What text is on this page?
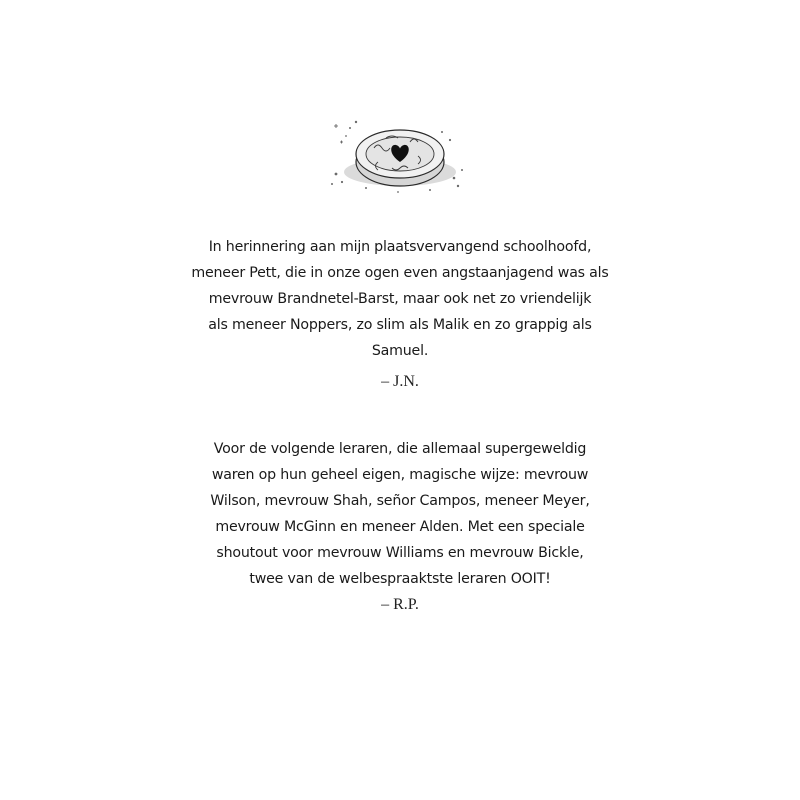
In herinnering aan mijn plaatsvervangend schoolhoofd,
meneer Pett, die in onze ogen even angstaanjagend was als
mevrouw Brandnetel-Barst, maar ook net zo vriendelijk
als meneer Noppers, zo slim als Malik en zo grappig als
Samuel.

– J.N.

Voor de volgende leraren, die allemaal supergeweldig
waren op hun geheel eigen, magische wijze: mevrouw
Wilson, mevrouw Shah, señor Campos, meneer Meyer,
mevrouw McGinn en meneer Alden. Met een speciale
shoutout voor mevrouw Williams en mevrouw Bickle,
twee van de welbespraaktste leraren OOIT!

– R.P.
